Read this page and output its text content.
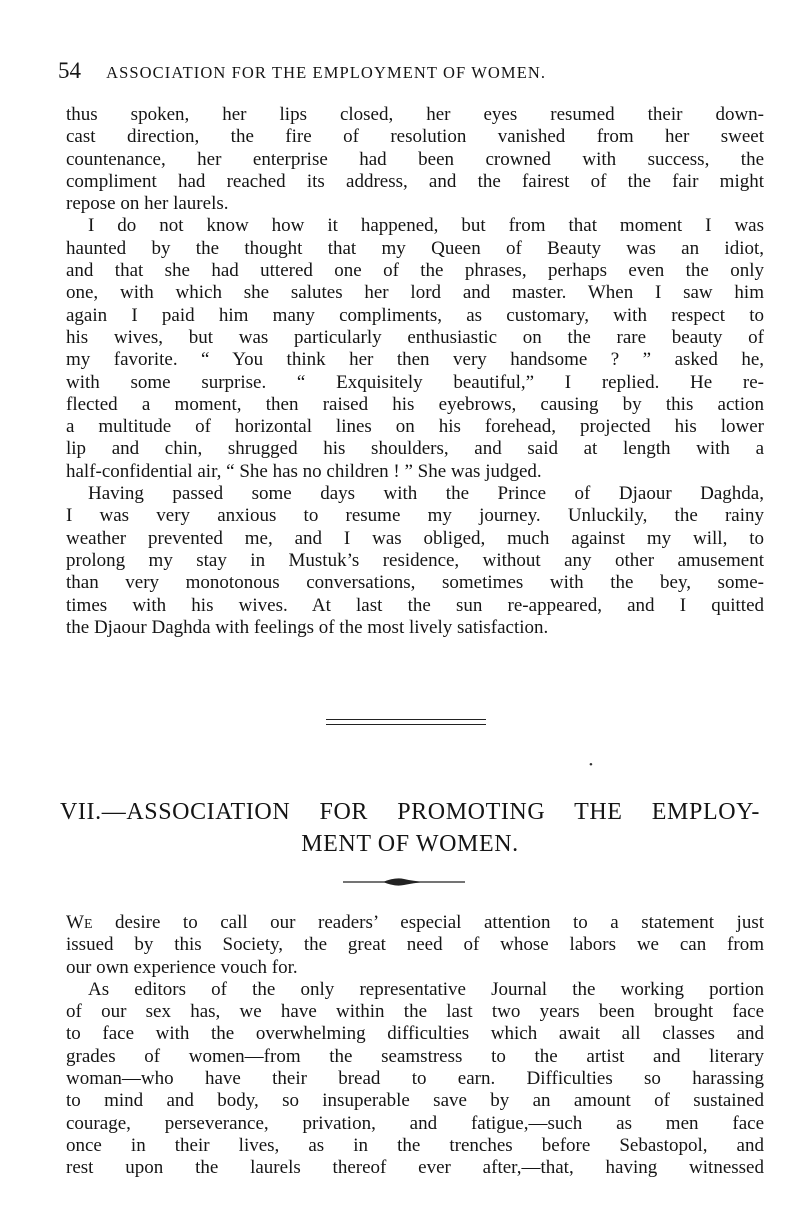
54 ASSOCIATION FOR THE EMPLOYMENT OF WOMEN.
thus spoken, her lips closed, her eyes resumed their down-
cast direction, the fire of resolution vanished from her sweet
countenance, her enterprise had been crowned with success, the
compliment had reached its address, and the fairest of the fair might
repose on her laurels.
I do not know how it happened, but from that moment I was
haunted by the thought that my Queen of Beauty was an idiot,
and that she had uttered one of the phrases, perhaps even the only
one, with which she salutes her lord and master. When I saw him
again I paid him many compliments, as customary, with respect to
his wives, but was particularly enthusiastic on the rare beauty of
my favorite. “ You think her then very handsome ? ” asked he,
with some surprise. “ Exquisitely beautiful,” I replied. He re-
flected a moment, then raised his eyebrows, causing by this action
a multitude of horizontal lines on his forehead, projected his lower
lip and chin, shrugged his shoulders, and said at length with a
half-confidential air, “ She has no children ! ” She was judged.
Having passed some days with the Prince of Djaour Daghda,
I was very anxious to resume my journey. Unluckily, the rainy
weather prevented me, and I was obliged, much against my will, to
prolong my stay in Mustuk’s residence, without any other amusement
than very monotonous conversations, sometimes with the bey, some-
times with his wives. At last the sun re-appeared, and I quitted
the Djaour Daghda with feelings of the most lively satisfaction.
•
VII.—ASSOCIATION FOR PROMOTING THE EMPLOY-
MENT OF WOMEN.
WE desire to call our readers’ especial attention to a statement just
issued by this Society, the great need of whose labors we can from
our own experience vouch for.
As editors of the only representative Journal the working portion
of our sex has, we have within the last two years been brought face
to face with the overwhelming difficulties which await all classes and
grades of women—from the seamstress to the artist and literary
woman—who have their bread to earn. Difficulties so harassing
to mind and body, so insuperable save by an amount of sustained
courage, perseverance, privation, and fatigue,—such as men face
once in their lives, as in the trenches before Sebastopol, and
rest upon the laurels thereof ever after,—that, having witnessed
